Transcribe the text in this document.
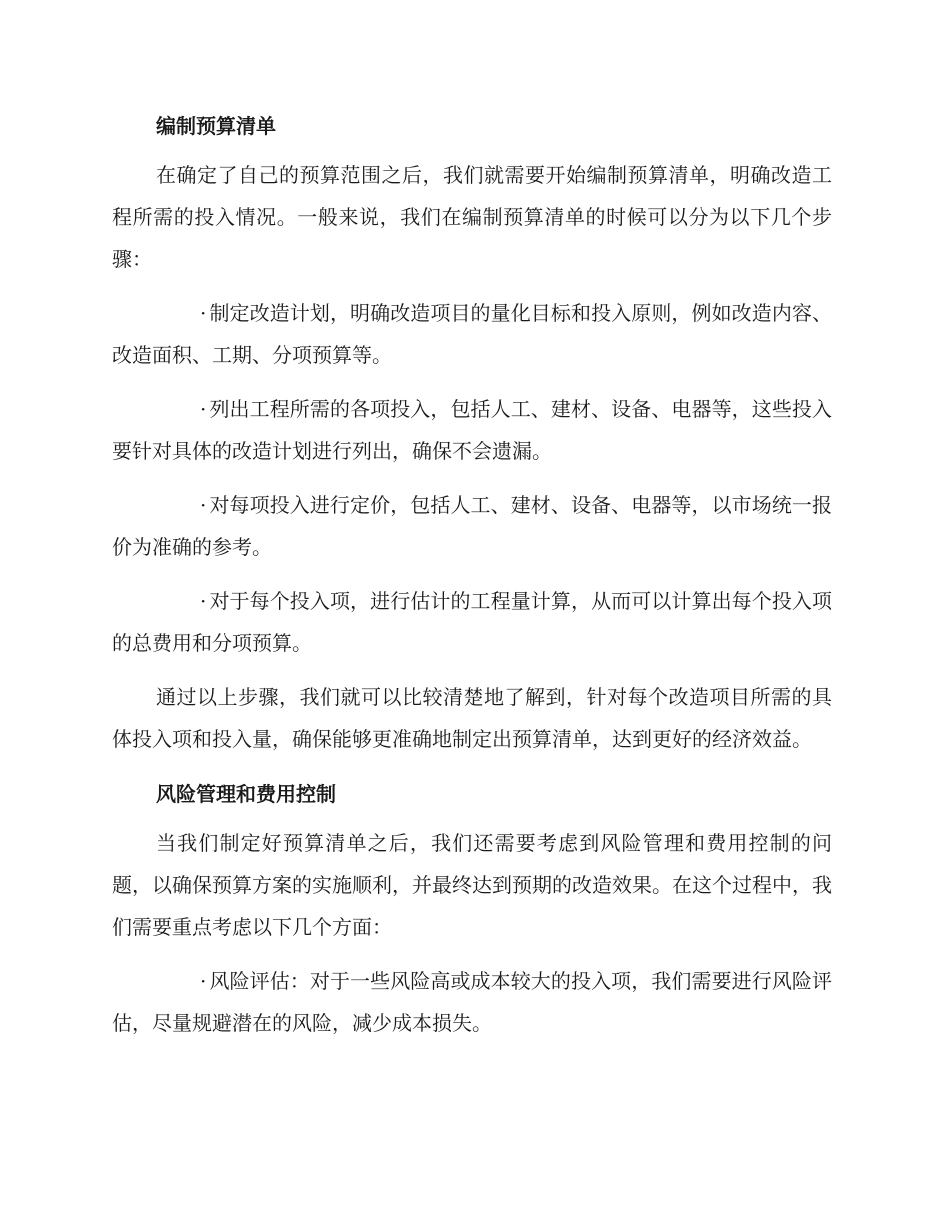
编制预算清单

在确定了自己的预算范围之后，我们就需要开始编制预算清单，明确改造工程所需的投入情况。一般来说，我们在编制预算清单的时候可以分为以下几个步骤：

· 制定改造计划，明确改造项目的量化目标和投入原则，例如改造内容、改造面积、工期、分项预算等。

· 列出工程所需的各项投入，包括人工、建材、设备、电器等，这些投入要针对具体的改造计划进行列出，确保不会遗漏。

· 对每项投入进行定价，包括人工、建材、设备、电器等，以市场统一报价为准确的参考。

· 对于每个投入项，进行估计的工程量计算，从而可以计算出每个投入项的总费用和分项预算。

通过以上步骤，我们就可以比较清楚地了解到，针对每个改造项目所需的具体投入项和投入量，确保能够更准确地制定出预算清单，达到更好的经济效益。

风险管理和费用控制

当我们制定好预算清单之后，我们还需要考虑到风险管理和费用控制的问题，以确保预算方案的实施顺利，并最终达到预期的改造效果。在这个过程中，我们需要重点考虑以下几个方面：

· 风险评估：对于一些风险高或成本较大的投入项，我们需要进行风险评估，尽量规避潜在的风险，减少成本损失。
